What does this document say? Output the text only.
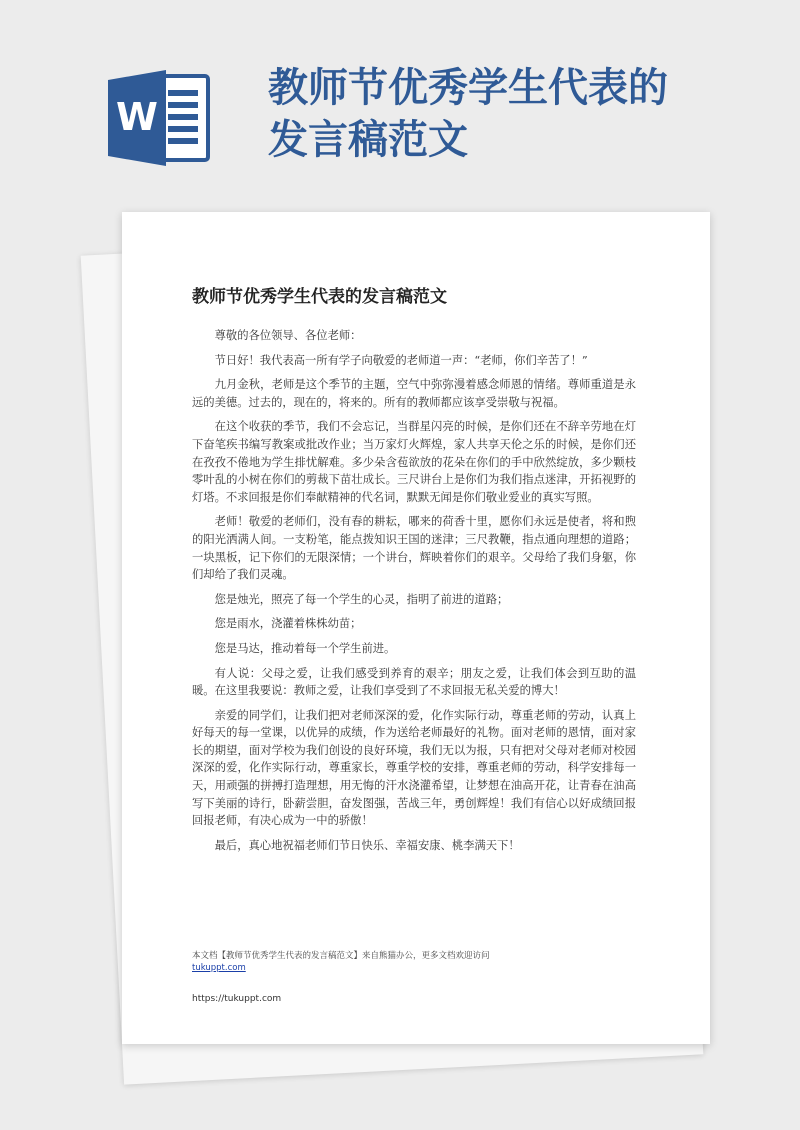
W
教师节优秀学生代表的
发言稿范文
教师节优秀学生代表的发言稿范文

尊敬的各位领导、各位老师：

节日好！我代表高一所有学子向敬爱的老师道一声：“老师，你们辛苦了！”

九月金秋，老师是这个季节的主题，空气中弥弥漫着感念师恩的情绪。尊师重道是永远的美德。过去的，现在的，将来的。所有的教师都应该享受崇敬与祝福。

在这个收获的季节，我们不会忘记，当群星闪亮的时候，是你们还在不辞辛劳地在灯下奋笔疾书编写教案或批改作业；当万家灯火辉煌，家人共享天伦之乐的时候，是你们还在孜孜不倦地为学生排忧解难。多少朵含苞欲放的花朵在你们的手中欣然绽放，多少颗枝零叶乱的小树在你们的剪裁下苗壮成长。三尺讲台上是你们为我们指点迷津，开拓视野的灯塔。不求回报是你们奉献精神的代名词，默默无闻是你们敬业爱业的真实写照。

老师！敬爱的老师们，没有春的耕耘，哪来的荷香十里，愿你们永远是使者，将和煦的阳光洒满人间。一支粉笔，能点拨知识王国的迷津；三尺教鞭，指点通向理想的道路；一块黑板，记下你们的无限深情；一个讲台，辉映着你们的艰辛。父母给了我们身躯，你们却给了我们灵魂。

您是烛光，照亮了每一个学生的心灵，指明了前进的道路；

您是雨水，浇灌着株株幼苗；

您是马达，推动着每一个学生前进。

有人说：父母之爱，让我们感受到养育的艰辛；朋友之爱，让我们体会到互助的温暖。在这里我要说：教师之爱，让我们享受到了不求回报无私关爱的博大！

亲爱的同学们，让我们把对老师深深的爱，化作实际行动，尊重老师的劳动，认真上好每天的每一堂课，以优异的成绩，作为送给老师最好的礼物。面对老师的恩情，面对家长的期望，面对学校为我们创设的良好环境，我们无以为报，只有把对父母对老师对校园深深的爱，化作实际行动，尊重家长，尊重学校的安排，尊重老师的劳动，科学安排每一天，用顽强的拼搏打造理想，用无悔的汗水浇灌希望，让梦想在油高开花，让青春在油高写下美丽的诗行，卧薪尝胆，奋发图强，苦战三年，勇创辉煌！我们有信心以好成绩回报回报老师，有决心成为一中的骄傲！

最后，真心地祝福老师们节日快乐、幸福安康、桃李满天下！

本文档【教师节优秀学生代表的发言稿范文】来自熊猫办公，更多文档欢迎访问
tukuppt.com
https://tukuppt.com
